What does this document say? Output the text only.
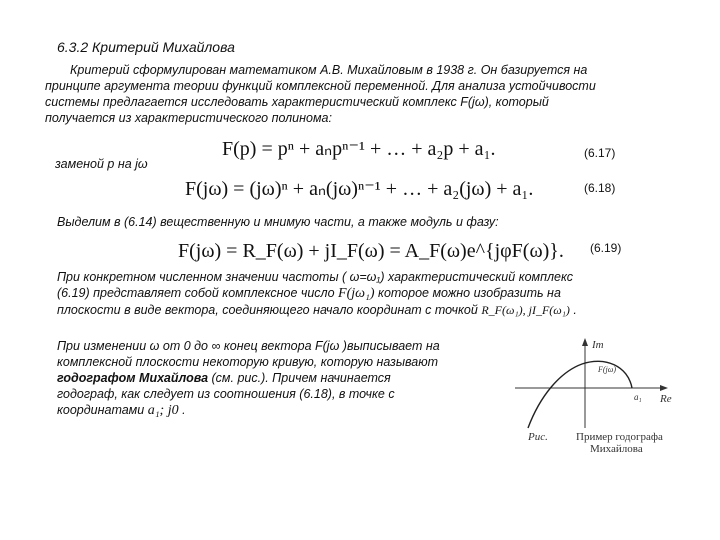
6.3.2 Критерий Михайлова
Критерий сформулирован математиком А.В. Михайловым в 1938 г. Он базируется на
принципе аргумента теории функций комплексной переменной. Для анализа устойчивости
системы предлагается исследовать характеристический комплекс F(jω), который
получается из характеристического полинома:
F(p) = pⁿ + aₙpⁿ⁻¹ + … + a₂p + a₁.	(6.17)
заменой p на jω
F(jω) = (jω)ⁿ + aₙ(jω)ⁿ⁻¹ + … + a₂(jω) + a₁.	(6.18)
Выделим в (6.14) вещественную и мнимую части, а также модуль и фазу:
F(jω) = R_F(ω) + jI_F(ω) = A_F(ω)e^{jφF(ω)}. (6.19)
При конкретном численном значении частоты ( ω=ω₁) характеристический комплекс
(6.19) представляет собой комплексное число F(jω₁) которое можно изобразить на
плоскости в виде вектора, соединяющего начало координат с точкой R_F(ω₁), jI_F(ω₁) .
При изменении ω от 0 до ∞ конец вектора F(jω )выписывает на
комплексной плоскости некоторую кривую, которую называют
годографом Михайлова (см. рис.). Причем начинается
годограф, как следует из соотношения (6.18), в точке с
координатами a₁; j0 .
Im
Re
F(jω)
a₁
Рис.	Пример годографа
Михайлова
